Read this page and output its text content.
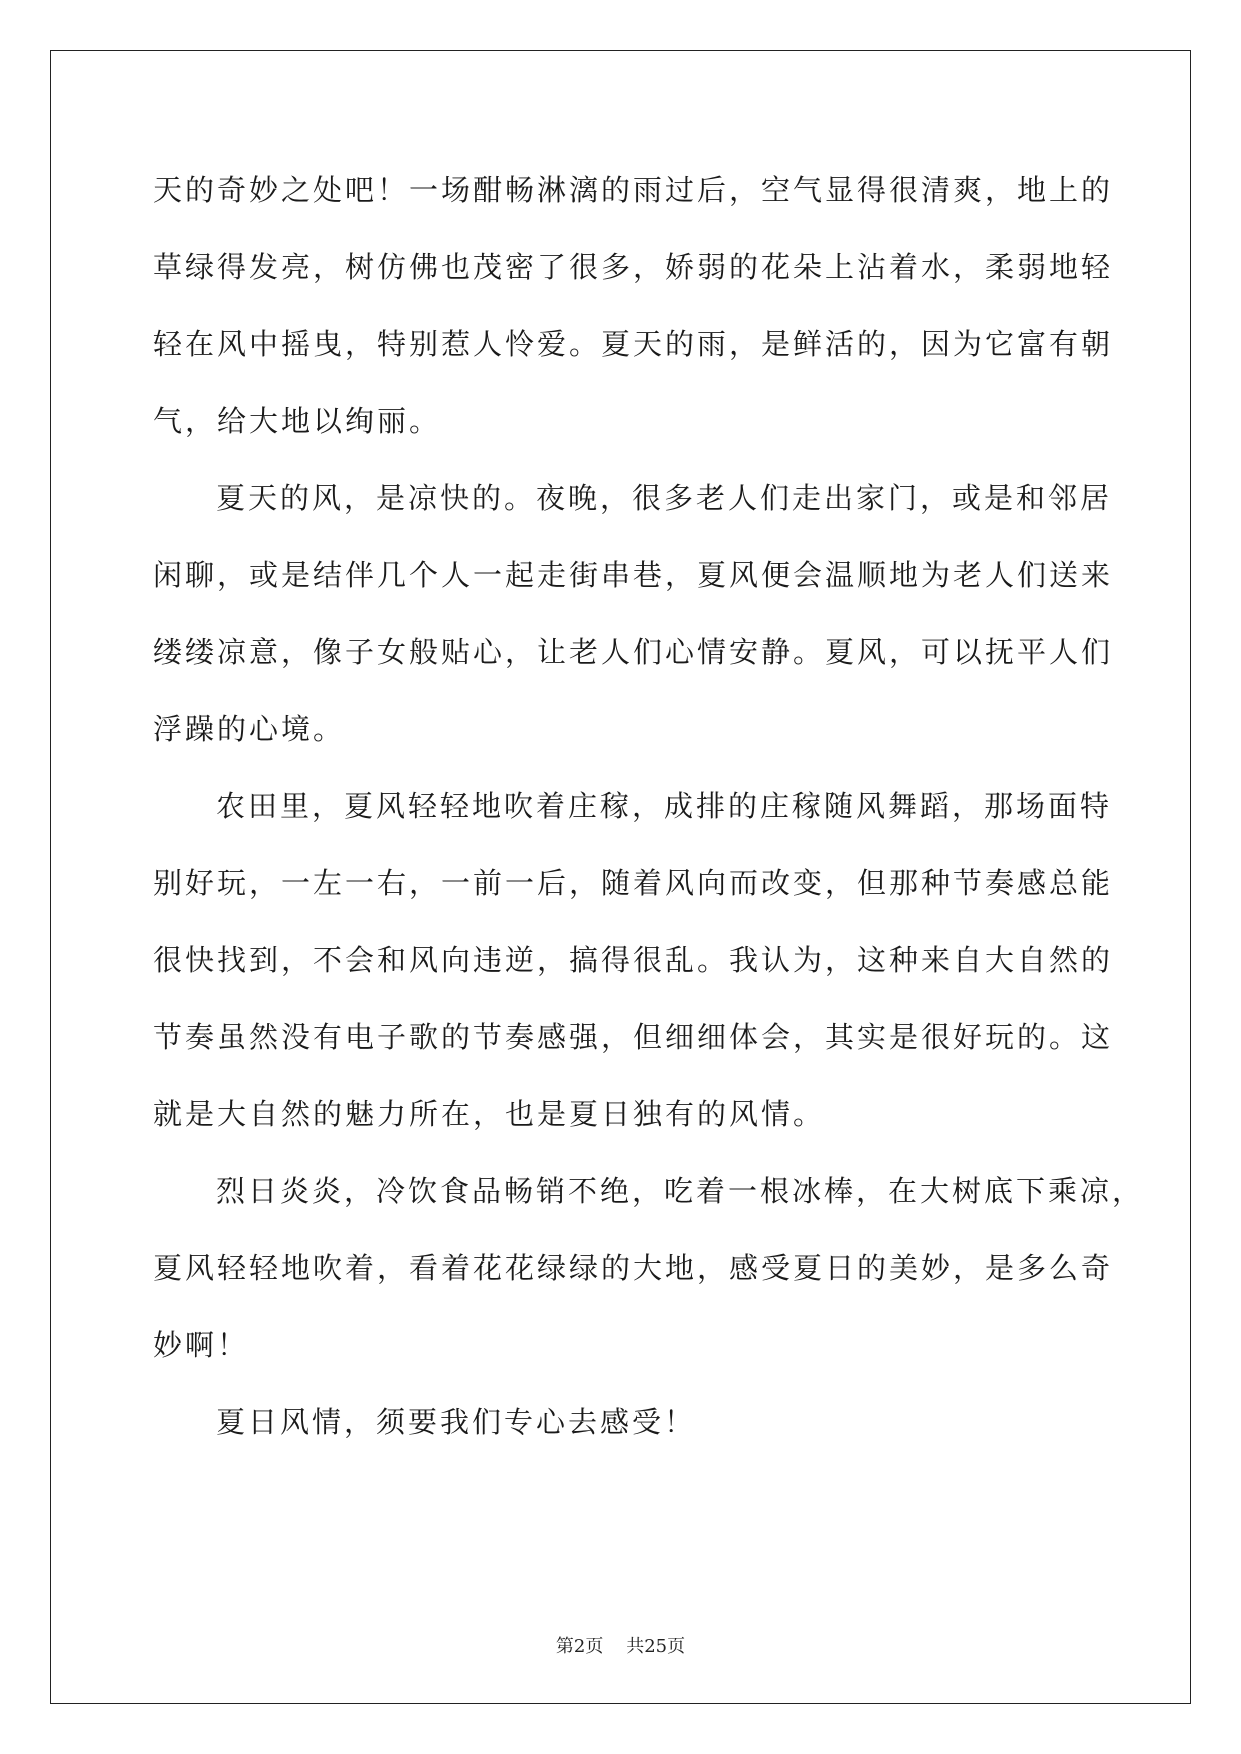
天的奇妙之处吧！一场酣畅淋漓的雨过后，空气显得很清爽，地上的
草绿得发亮，树仿佛也茂密了很多，娇弱的花朵上沾着水，柔弱地轻
轻在风中摇曳，特别惹人怜爱。夏天的雨，是鲜活的，因为它富有朝
气，给大地以绚丽。
夏天的风，是凉快的。夜晚，很多老人们走出家门，或是和邻居
闲聊，或是结伴几个人一起走街串巷，夏风便会温顺地为老人们送来
缕缕凉意，像子女般贴心，让老人们心情安静。夏风，可以抚平人们
浮躁的心境。
农田里，夏风轻轻地吹着庄稼，成排的庄稼随风舞蹈，那场面特
别好玩，一左一右，一前一后，随着风向而改变，但那种节奏感总能
很快找到，不会和风向违逆，搞得很乱。我认为，这种来自大自然的
节奏虽然没有电子歌的节奏感强，但细细体会，其实是很好玩的。这
就是大自然的魅力所在，也是夏日独有的风情。
烈日炎炎，冷饮食品畅销不绝，吃着一根冰棒，在大树底下乘凉，
夏风轻轻地吹着，看着花花绿绿的大地，感受夏日的美妙，是多么奇
妙啊！
夏日风情，须要我们专心去感受！
第2页 共25页
